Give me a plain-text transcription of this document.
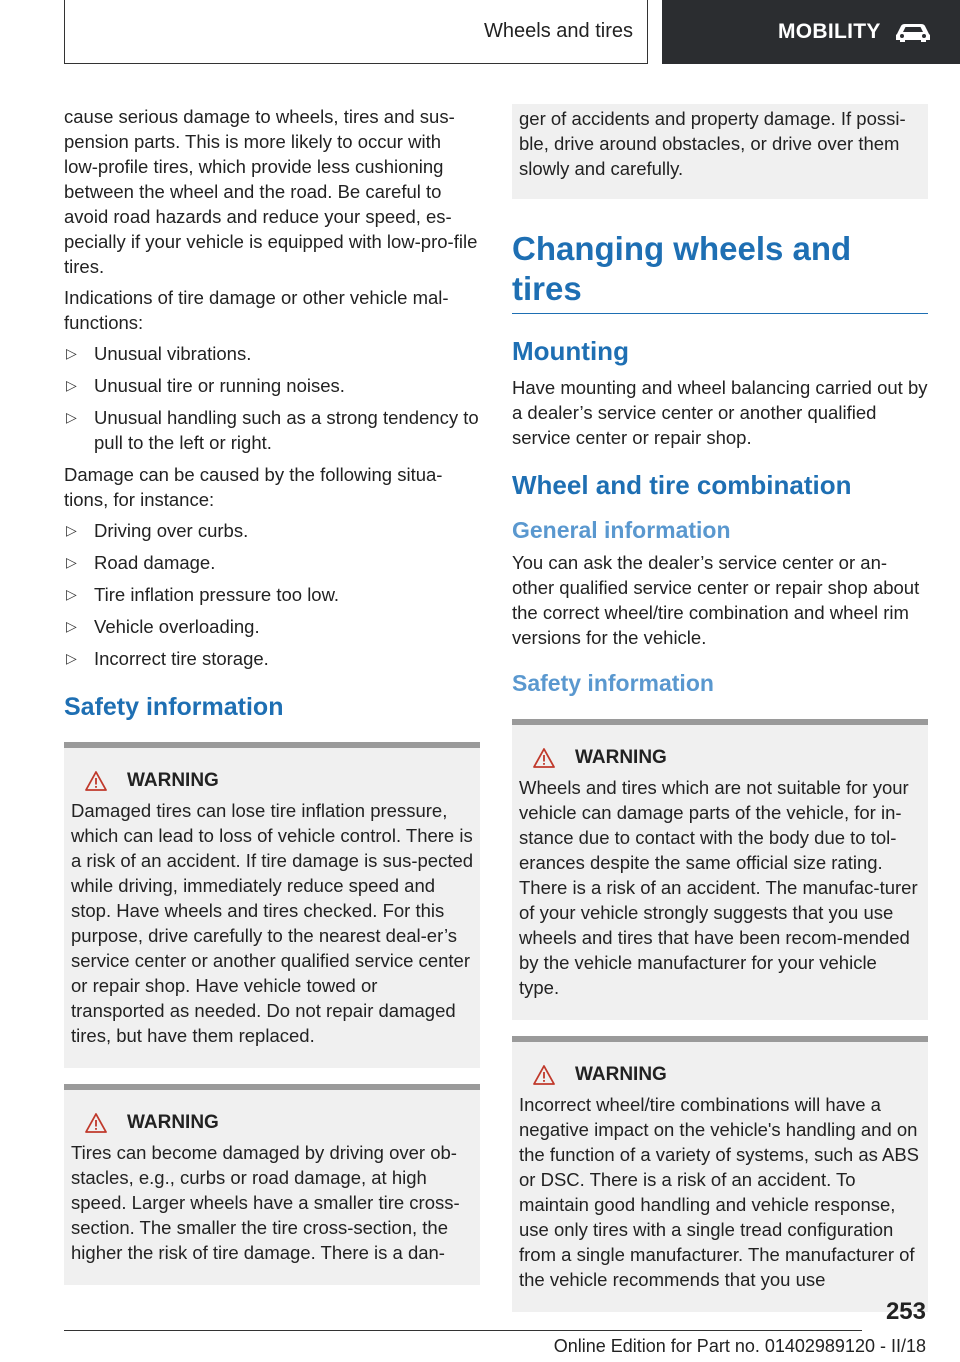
Wheels and tires	MOBILITY

cause serious damage to wheels, tires and sus-pension parts. This is more likely to occur with low-profile tires, which provide less cushioning between the wheel and the road. Be careful to avoid road hazards and reduce your speed, es-pecially if your vehicle is equipped with low-pro-file tires.

Indications of tire damage or other vehicle mal-functions:

▷ Unusual vibrations.
▷ Unusual tire or running noises.
▷ Unusual handling such as a strong tendency to pull to the left or right.

Damage can be caused by the following situa-tions, for instance:

▷ Driving over curbs.
▷ Road damage.
▷ Tire inflation pressure too low.
▷ Vehicle overloading.
▷ Incorrect tire storage.
Safety information
WARNING

Damaged tires can lose tire inflation pressure, which can lead to loss of vehicle control. There is a risk of an accident. If tire damage is sus-pected while driving, immediately reduce speed and stop. Have wheels and tires checked. For this purpose, drive carefully to the nearest deal-er’s service center or another qualified service center or repair shop. Have vehicle towed or transported as needed. Do not repair damaged tires, but have them replaced.

WARNING

Tires can become damaged by driving over ob-stacles, e.g., curbs or road damage, at high speed. Larger wheels have a smaller tire cross-section. The smaller the tire cross-section, the higher the risk of tire damage. There is a dan-

ger of accidents and property damage. If possi-ble, drive around obstacles, or drive over them slowly and carefully.

Changing wheels and tires
Mounting

Have mounting and wheel balancing carried out by a dealer’s service center or another qualified service center or repair shop.

Wheel and tire combination
General information

You can ask the dealer’s service center or an-other qualified service center or repair shop about the correct wheel/tire combination and wheel rim versions for the vehicle.

Safety information
WARNING

Wheels and tires which are not suitable for your vehicle can damage parts of the vehicle, for in-stance due to contact with the body due to tol-erances despite the same official size rating. There is a risk of an accident. The manufac-turer of your vehicle strongly suggests that you use wheels and tires that have been recom-mended by the vehicle manufacturer for your vehicle type.

WARNING

Incorrect wheel/tire combinations will have a negative impact on the vehicle's handling and on the function of a variety of systems, such as ABS or DSC. There is a risk of an accident. To maintain good handling and vehicle response, use only tires with a single tread configuration from a single manufacturer. The manufacturer of the vehicle recommends that you use

253
Online Edition for Part no. 01402989120 - II/18
